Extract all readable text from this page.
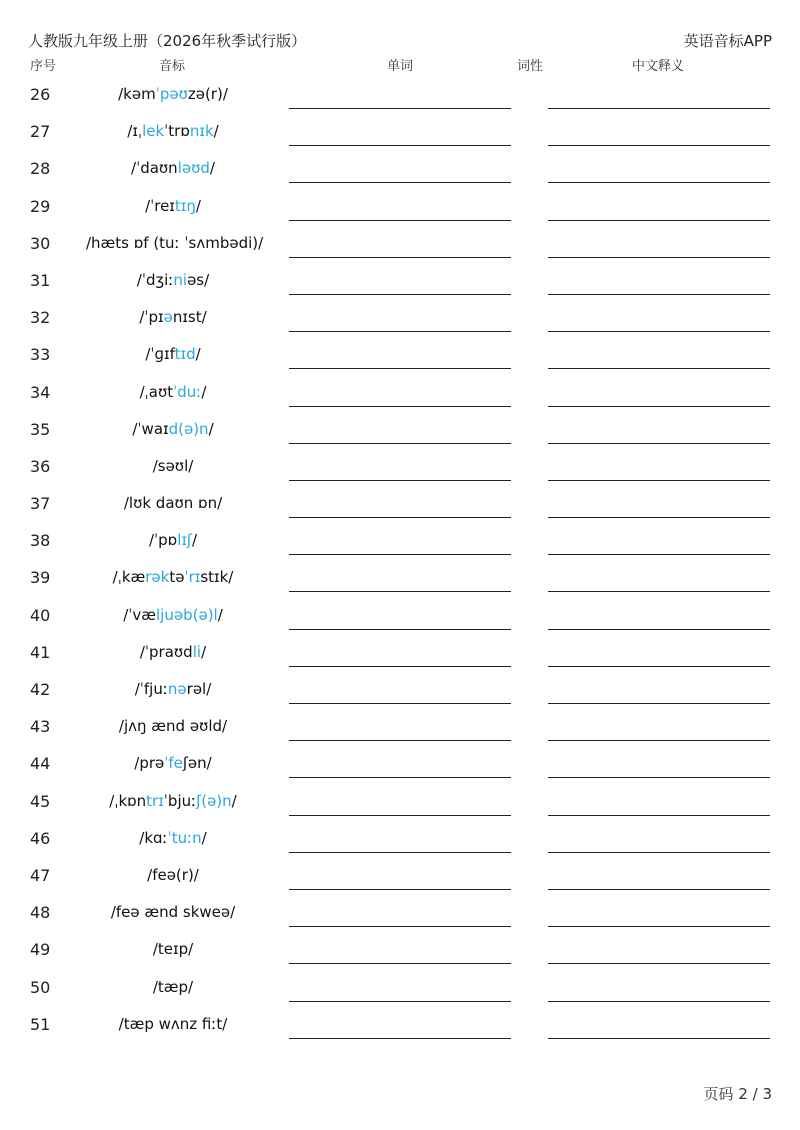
人教版九年级上册（2026年秋季试行版）	英语音标APP
序号	音标	单词	词性	中文释义
26	/kəmˈpəʊzə(r)/
27	/ɪˌlekˈtrɒnɪk/
28	/ˈdaʊnləʊd/
29	/ˈreɪtɪŋ/
30	/hæts ɒf (tuː ˈsʌmbədi)/
31	/ˈdʒiːniəs/
32	/ˈpɪənɪst/
33	/ˈɡɪftɪd/
34	/ˌaʊtˈduː/
35	/ˈwaɪd(ə)n/
36	/səʊl/
37	/lʊk daʊn ɒn/
38	/ˈpɒlɪʃ/
39	/ˌkærəktəˈrɪstɪk/
40	/ˈvæljuəb(ə)l/
41	/ˈpraʊdli/
42	/ˈfjuːnərəl/
43	/jʌŋ ænd əʊld/
44	/prəˈfeʃən/
45	/ˌkɒntrɪˈbjuːʃ(ə)n/
46	/kɑːˈtuːn/
47	/feə(r)/
48	/feə ænd skweə/
49	/teɪp/
50	/tæp/
51	/tæp wʌnz fiːt/
页码 2 / 3
